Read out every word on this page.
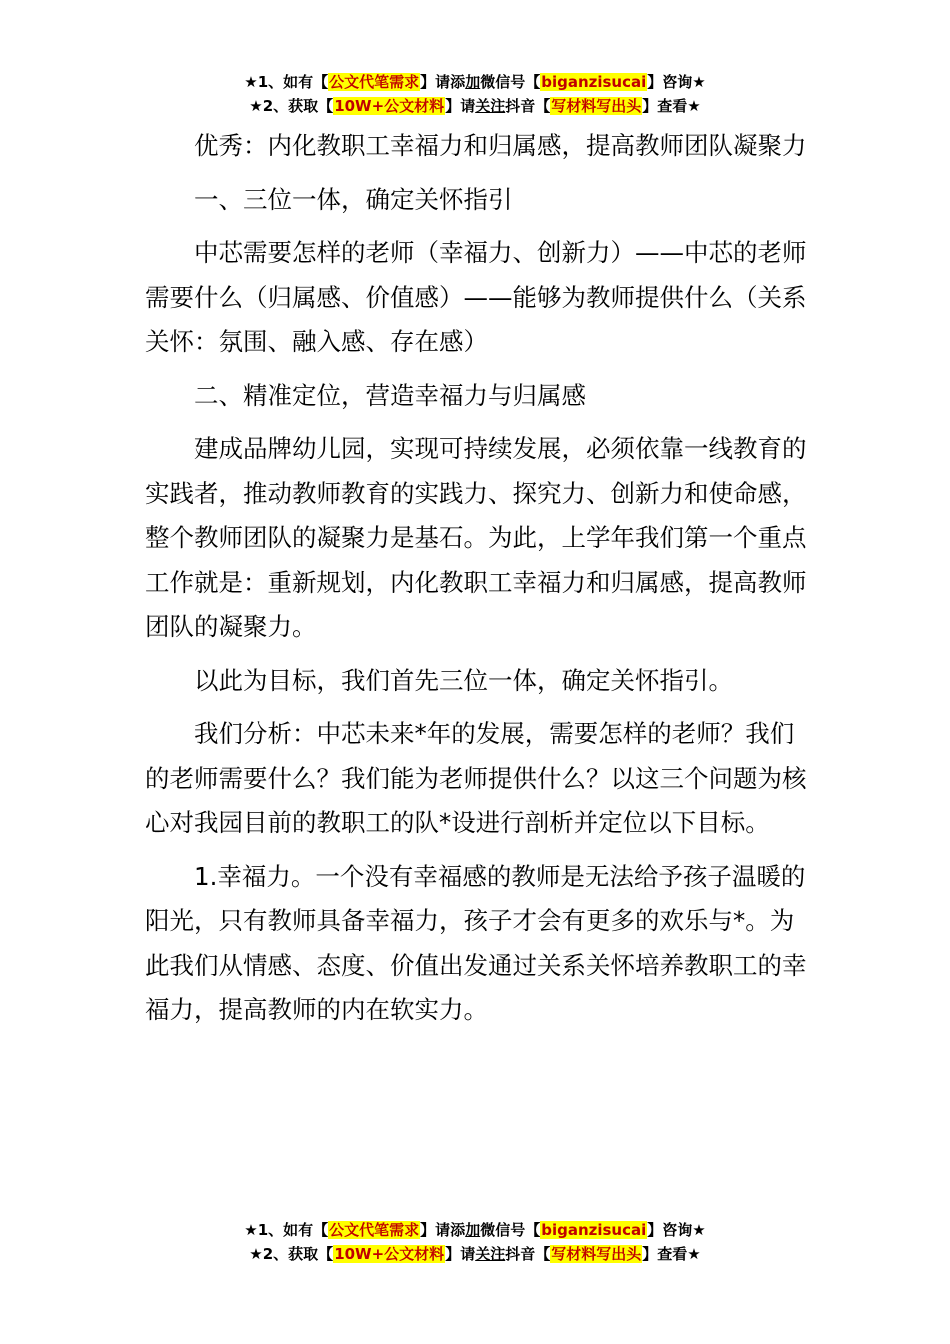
★1、如有【公文代笔需求】请添加微信号【biganzisucai】咨询★
★2、获取【10W+公文材料】请关注抖音【写材料写出头】查看★

优秀：内化教职工幸福力和归属感，提高教师团队凝聚力

一、三位一体，确定关怀指引

中芯需要怎样的老师（幸福力、创新力）——中芯的老师需要什么（归属感、价值感）——能够为教师提供什么（关系关怀：氛围、融入感、存在感）

二、精准定位，营造幸福力与归属感

建成品牌幼儿园，实现可持续发展，必须依靠一线教育的实践者，推动教师教育的实践力、探究力、创新力和使命感，整个教师团队的凝聚力是基石。为此，上学年我们第一个重点工作就是：重新规划，内化教职工幸福力和归属感，提高教师团队的凝聚力。

以此为目标，我们首先三位一体，确定关怀指引。

我们分析：中芯未来*年的发展，需要怎样的老师？我们的老师需要什么？我们能为老师提供什么？以这三个问题为核心对我园目前的教职工的队*设进行剖析并定位以下目标。

1.幸福力。一个没有幸福感的教师是无法给予孩子温暖的阳光，只有教师具备幸福力，孩子才会有更多的欢乐与*。为此我们从情感、态度、价值出发通过关系关怀培养教职工的幸福力，提高教师的内在软实力。

★1、如有【公文代笔需求】请添加微信号【biganzisucai】咨询★
★2、获取【10W+公文材料】请关注抖音【写材料写出头】查看★
